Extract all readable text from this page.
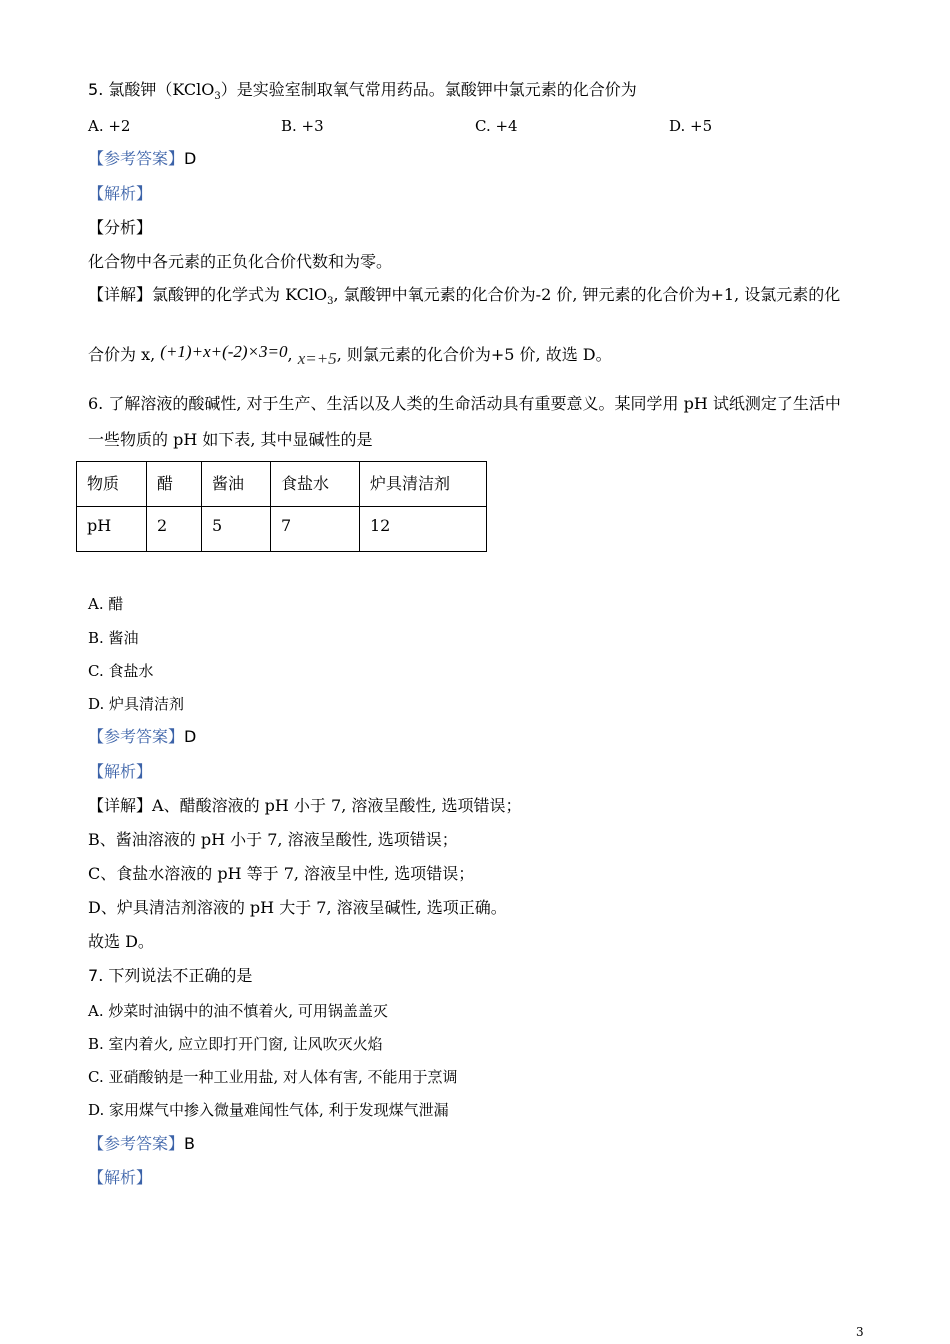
5. 氯酸钾（KClO$_3$）是实验室制取氧气常用药品。氯酸钾中氯元素的化合价为
A. +2	B. +3	C. +4	D. +5
【参考答案】D
【解析】
【分析】
化合物中各元素的正负化合价代数和为零。
【详解】氯酸钾的化学式为 KClO$_3$, 氯酸钾中氧元素的化合价为-2 价, 钾元素的化合价为+1, 设氯元素的化
合价为 x, (+1)+x+(-2)×3=0, x=+5, 则氯元素的化合价为+5 价, 故选 D。
6. 了解溶液的酸碱性, 对于生产、生活以及人类的生命活动具有重要意义。某同学用 pH 试纸测定了生活中
一些物质的 pH 如下表, 其中显碱性的是
物质	醋	酱油	食盐水	炉具清洁剂
pH	2	5	7	12
A. 醋
B. 酱油
C. 食盐水
D. 炉具清洁剂
【参考答案】D
【解析】
【详解】A、醋酸溶液的 pH 小于 7, 溶液呈酸性, 选项错误；
B、酱油溶液的 pH 小于 7, 溶液呈酸性, 选项错误；
C、食盐水溶液的 pH 等于 7, 溶液呈中性, 选项错误；
D、炉具清洁剂溶液的 pH 大于 7, 溶液呈碱性, 选项正确。
故选 D。
7. 下列说法不正确的是
A. 炒菜时油锅中的油不慎着火, 可用锅盖盖灭
B. 室内着火, 应立即打开门窗, 让风吹灭火焰
C. 亚硝酸钠是一种工业用盐, 对人体有害, 不能用于烹调
D. 家用煤气中掺入微量难闻性气体, 利于发现煤气泄漏
【参考答案】B
【解析】
3
